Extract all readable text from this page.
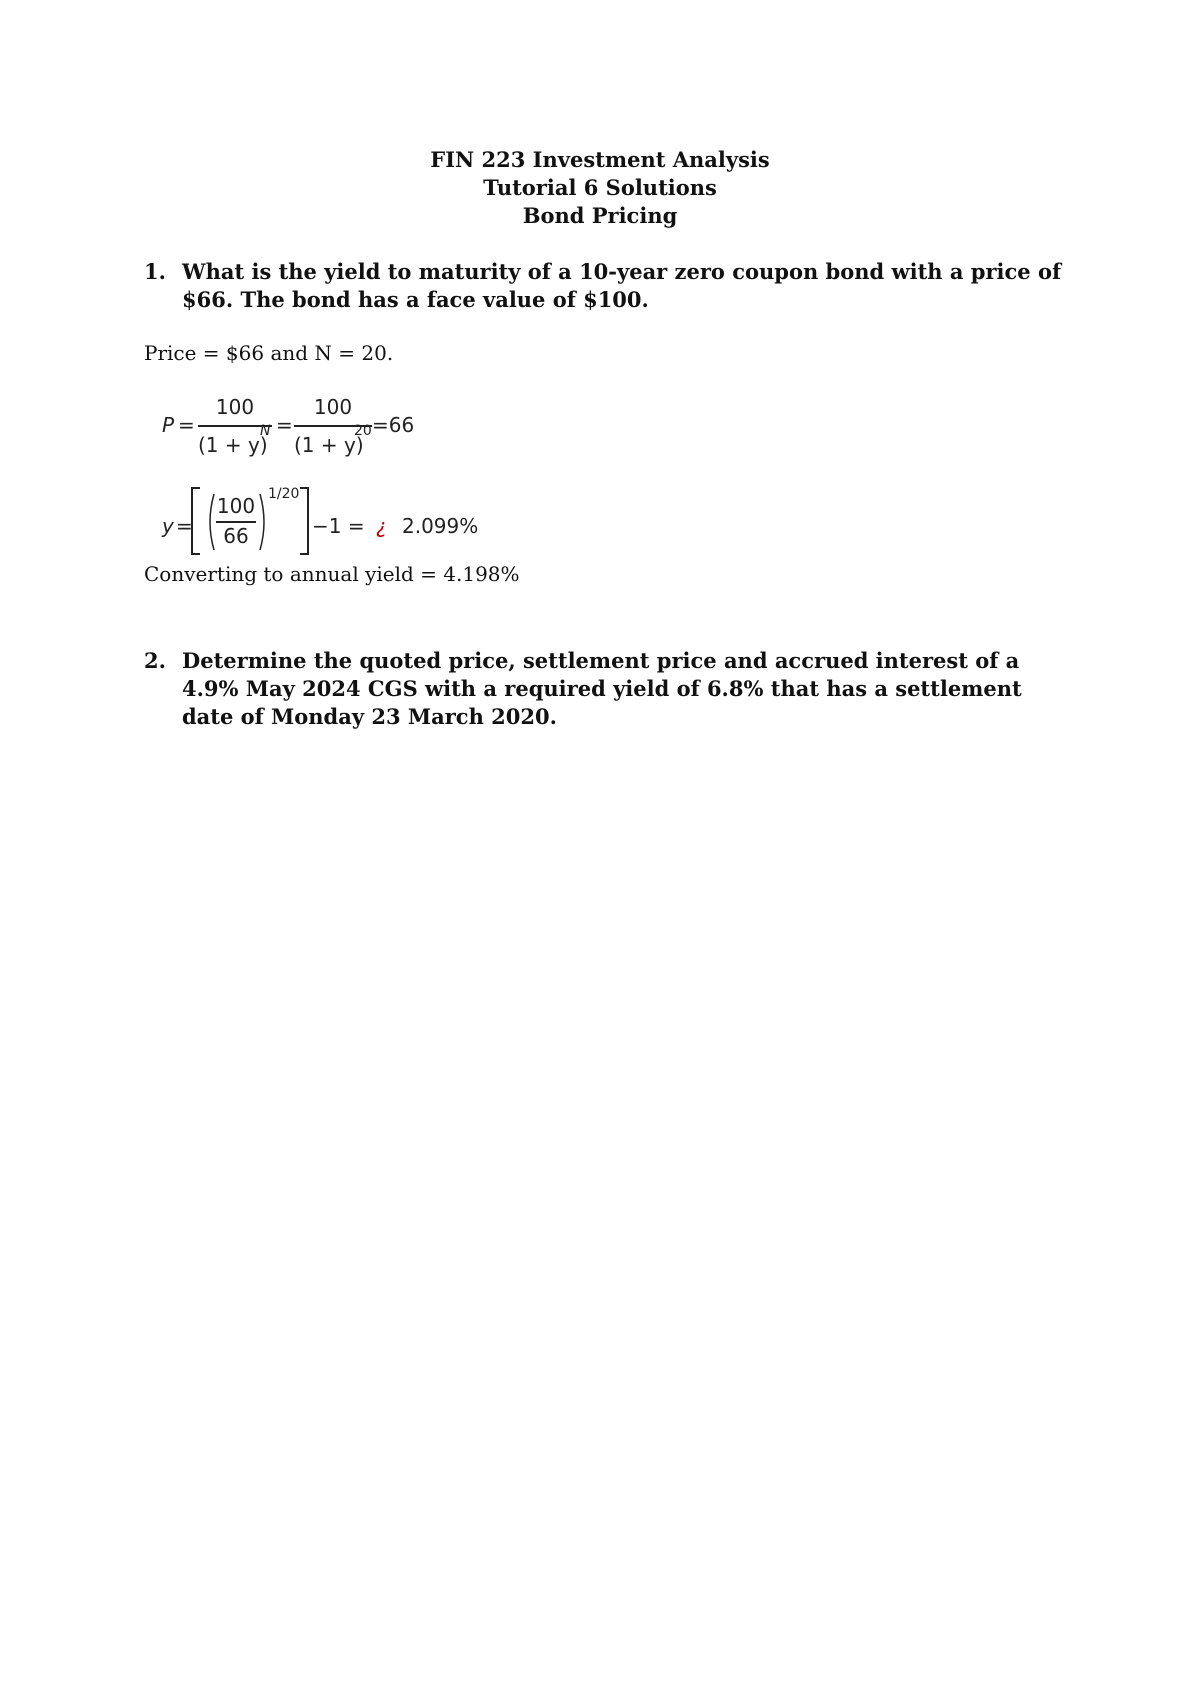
FIN 223 Investment Analysis
Tutorial 6 Solutions
Bond Pricing
1. What is the yield to maturity of a 10-year zero coupon bond with a price of $66. The bond has a face value of $100.
Price = $66 and N = 20.
P =
100
(1 + y)
N =
100
(1 + y)
20 =66
y =
100
66
1/20
−1 = ¿ 2.099%
Converting to annual yield = 4.198%
2. Determine the quoted price, settlement price and accrued interest of a 4.9% May 2024 CGS with a required yield of 6.8% that has a settlement date of Monday 23 March 2020.
